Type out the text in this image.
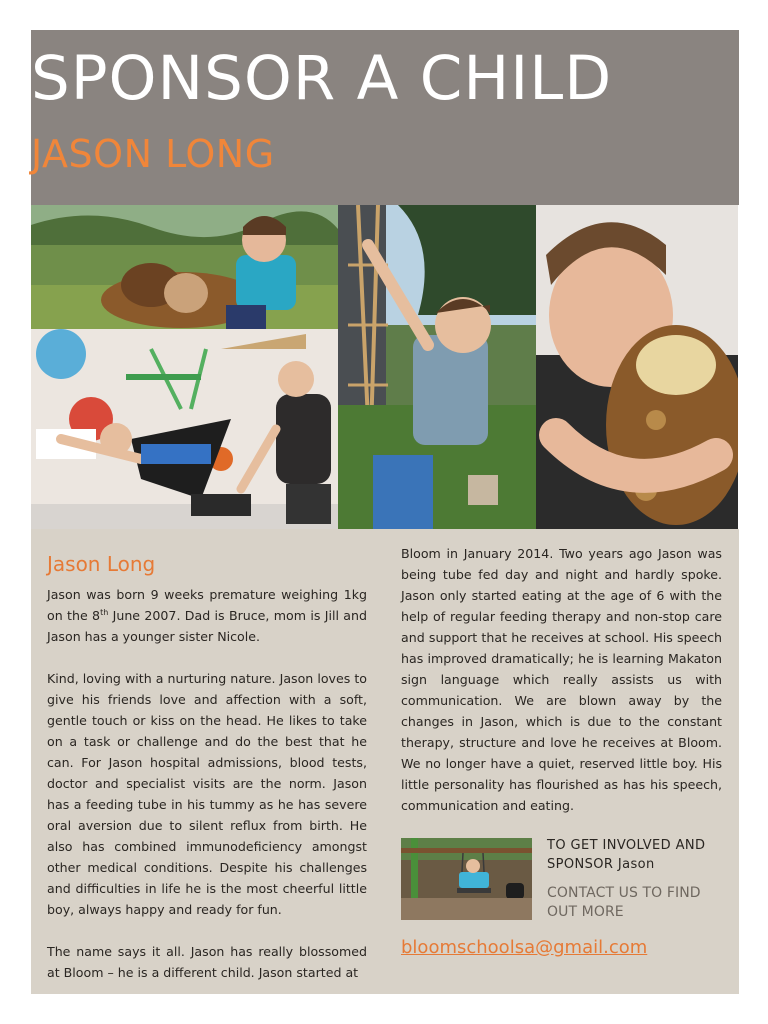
SPONSOR A CHILD
JASON LONG
Jason Long

Jason was born 9 weeks premature weighing 1kg on the 8th June 2007. Dad is Bruce, mom is Jill and Jason has a younger sister Nicole.

Kind, loving with a nurturing nature. Jason loves to give his friends love and affection with a soft, gentle touch or kiss on the head. He likes to take on a task or challenge and do the best that he can. For Jason hospital admissions, blood tests, doctor and specialist visits are the norm. Jason has a feeding tube in his tummy as he has severe oral aversion due to silent reflux from birth. He also has combined immunodeficiency amongst other medical conditions. Despite his challenges and difficulties in life he is the most cheerful little boy, always happy and ready for fun.

The name says it all. Jason has really blossomed at Bloom – he is a different child. Jason started at

Bloom in January 2014. Two years ago Jason was being tube fed day and night and hardly spoke. Jason only started eating at the age of 6 with the help of regular feeding therapy and non-stop care and support that he receives at school. His speech has improved dramatically; he is learning Makaton sign language which really assists us with communication. We are blown away by the changes in Jason, which is due to the constant therapy, structure and love he receives at Bloom. We no longer have a quiet, reserved little boy. His little personality has flourished as has his speech, communication and eating.

TO GET INVOLVED AND SPONSOR Jason
CONTACT US TO FIND OUT MORE
bloomschoolsa@gmail.com
